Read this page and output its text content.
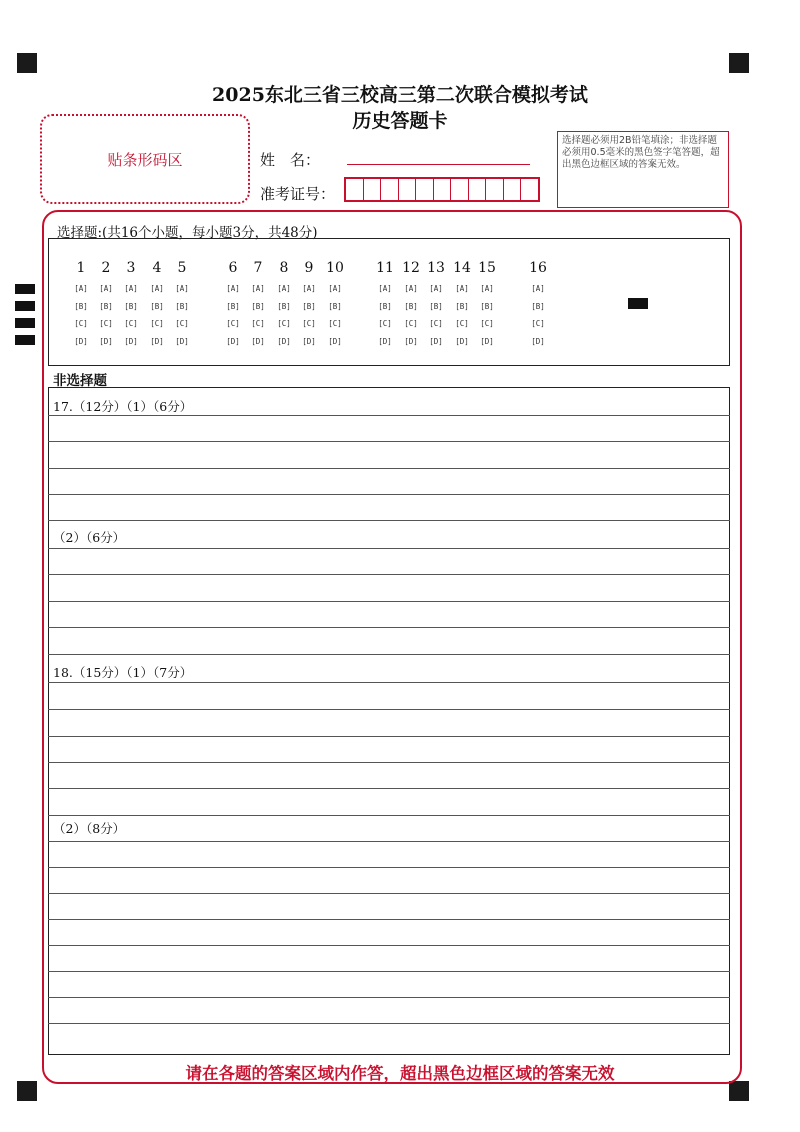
2025东北三省三校高三第二次联合模拟考试
历史答题卡
贴条形码区	姓　名：
准考证号：
选择题必须用2B铅笔填涂；非选择题必须用0.5毫米的黑色签字笔答题，超出黑色边框区域的答案无效。
选择题:(共16个小题，每小题3分，共48分)
1
[A]
[B]
[C]
[D]
2
[A]
[B]
[C]
[D]
3
[A]
[B]
[C]
[D]
4
[A]
[B]
[C]
[D]
5
[A]
[B]
[C]
[D]
6
[A]
[B]
[C]
[D]
7
[A]
[B]
[C]
[D]
8
[A]
[B]
[C]
[D]
9
[A]
[B]
[C]
[D]
10
[A]
[B]
[C]
[D]
11
[A]
[B]
[C]
[D]
12
[A]
[B]
[C]
[D]
13
[A]
[B]
[C]
[D]
14
[A]
[B]
[C]
[D]
15
[A]
[B]
[C]
[D]
16
[A]
[B]
[C]
[D]
非选择题
17.（12分）（1）（6分）
（2）（6分）
18.（15分）（1）（7分）
（2）（8分）
请在各题的答案区域内作答，超出黑色边框区域的答案无效
